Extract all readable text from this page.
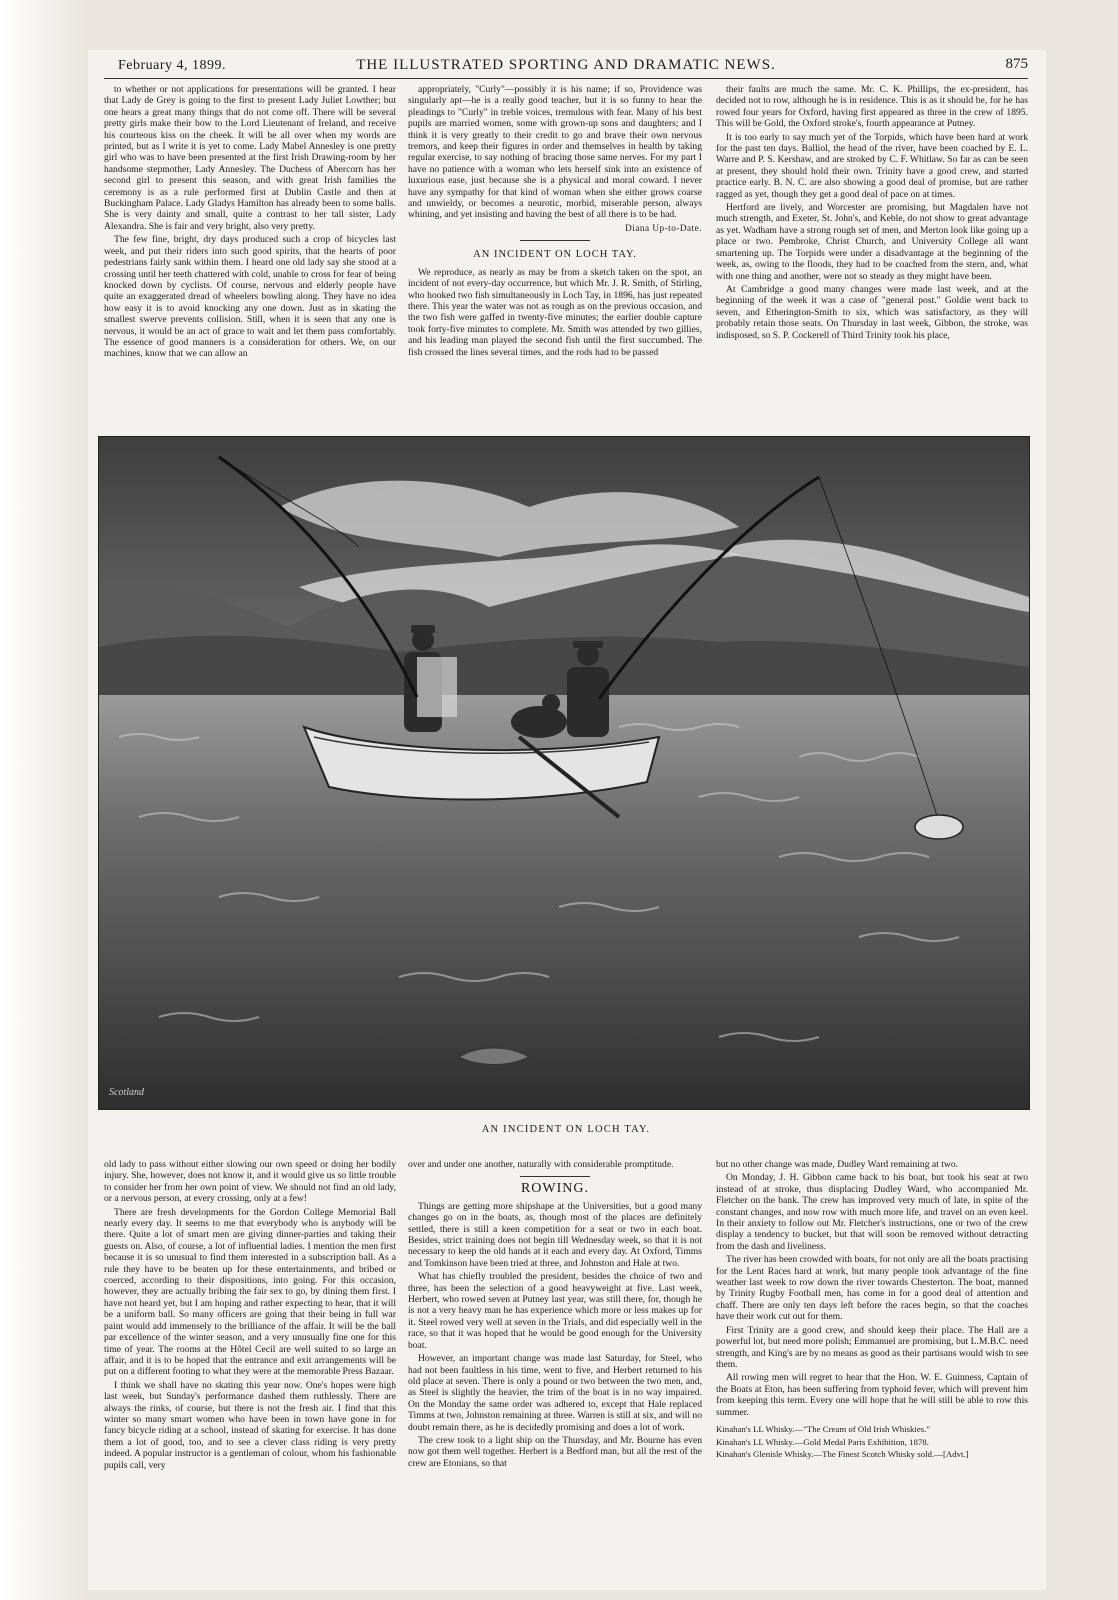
February 4, 1899.	THE ILLUSTRATED SPORTING AND DRAMATIC NEWS.	875

to whether or not applications for presentations will be granted. I hear that Lady de Grey is going to the first to present Lady Juliet Lowther; but one hears a great many things that do not come off. There will be several pretty girls make their bow to the Lord Lieutenant of Ireland, and receive his courteous kiss on the cheek. It will be all over when my words are printed, but as I write it is yet to come. Lady Mabel Annesley is one pretty girl who was to have been presented at the first Irish Drawing-room by her handsome stepmother, Lady Annesley. The Duchess of Abercorn has her second girl to present this season, and with great Irish families the ceremony is as a rule performed first at Dublin Castle and then at Buckingham Palace. Lady Gladys Hamilton has already been to some balls. She is very dainty and small, quite a contrast to her tall sister, Lady Alexandra. She is fair and very bright, also very pretty.

The few fine, bright, dry days produced such a crop of bicycles last week, and put their riders into such good spirits, that the hearts of poor pedestrians fairly sank within them. I heard one old lady say she stood at a crossing until her teeth chattered with cold, unable to cross for fear of being knocked down by cyclists. Of course, nervous and elderly people have quite an exaggerated dread of wheelers bowling along. They have no idea how easy it is to avoid knocking any one down. Just as in skating the smallest swerve prevents collision. Still, when it is seen that any one is nervous, it would be an act of grace to wait and let them pass comfortably. The essence of good manners is a consideration for others. We, on our machines, know that we can allow an

appropriately, "Curly"—possibly it is his name; if so, Providence was singularly apt—he is a really good teacher, but it is so funny to hear the pleadings to "Curly" in treble voices, tremulous with fear. Many of his best pupils are married women, some with grown-up sons and daughters; and I think it is very greatly to their credit to go and brave their own nervous tremors, and keep their figures in order and themselves in health by taking regular exercise, to say nothing of bracing those same nerves. For my part I have no patience with a woman who lets herself sink into an existence of luxurious ease, just because she is a physical and moral coward. I never have any sympathy for that kind of woman when she either grows coarse and unwieldy, or becomes a neurotic, morbid, miserable person, always whining, and yet insisting and having the best of all there is to be had.

Diana Up-to-Date.
AN INCIDENT ON LOCH TAY.

We reproduce, as nearly as may be from a sketch taken on the spot, an incident of not every-day occurrence, but which Mr. J. R. Smith, of Stirling, who hooked two fish simultaneously in Loch Tay, in 1896, has just repeated there. This year the water was not as rough as on the previous occasion, and the two fish were gaffed in twenty-five minutes; the earlier double capture took forty-five minutes to complete. Mr. Smith was attended by two gillies, and his leading man played the second fish until the first succumbed. The fish crossed the lines several times, and the rods had to be passed

their faults are much the same. Mr. C. K. Phillips, the ex-president, has decided not to row, although he is in residence. This is as it should be, for he has rowed four years for Oxford, having first appeared as three in the crew of 1895. This will be Gold, the Oxford stroke's, fourth appearance at Putney.

It is too early to say much yet of the Torpids, which have been hard at work for the past ten days. Balliol, the head of the river, have been coached by E. L. Warre and P. S. Kershaw, and are stroked by C. F. Whitlaw. So far as can be seen at present, they should hold their own. Trinity have a good crew, and started practice early. B. N. C. are also showing a good deal of promise, but are rather ragged as yet, though they get a good deal of pace on at times.

Hertford are lively, and Worcester are promising, but Magdalen have not much strength, and Exeter, St. John's, and Keble, do not show to great advantage as yet. Wadham have a strong rough set of men, and Merton look like going up a place or two. Pembroke, Christ Church, and University College all want smartening up. The Torpids were under a disadvantage at the beginning of the week, as, owing to the floods, they had to be coached from the stern, and, what with one thing and another, were not so steady as they might have been.

At Cambridge a good many changes were made last week, and at the beginning of the week it was a case of "general post." Goldie went back to seven, and Etherington-Smith to six, which was satisfactory, as they will probably retain those seats. On Thursday in last week, Gibbon, the stroke, was indisposed, so S. P. Cockerell of Third Trinity took his place,

Scotland
AN INCIDENT ON LOCH TAY.

old lady to pass without either slowing our own speed or doing her bodily injury. She, however, does not know it, and it would give us so little trouble to consider her from her own point of view. We should not find an old lady, or a nervous person, at every crossing, only at a few!

There are fresh developments for the Gordon College Memorial Ball nearly every day. It seems to me that everybody who is anybody will be there. Quite a lot of smart men are giving dinner-parties and taking their guests on. Also, of course, a lot of influential ladies. I mention the men first because it is so unusual to find them interested in a subscription ball. As a rule they have to be beaten up for these entertainments, and bribed or coerced, according to their dispositions, into going. For this occasion, however, they are actually bribing the fair sex to go, by dining them first. I have not heard yet, but I am hoping and rather expecting to hear, that it will be a uniform ball. So many officers are going that their being in full war paint would add immensely to the brilliance of the affair. It will be the ball par excellence of the winter season, and a very unusually fine one for this time of year. The rooms at the Hôtel Cecil are well suited to so large an affair, and it is to be hoped that the entrance and exit arrangements will be put on a different footing to what they were at the memorable Press Bazaar.

I think we shall have no skating this year now. One's hopes were high last week, but Sunday's performance dashed them ruthlessly. There are always the rinks, of course, but there is not the fresh air. I find that this winter so many smart women who have been in town have gone in for fancy bicycle riding at a school, instead of skating for exercise. It has done them a lot of good, too, and to see a clever class riding is very pretty indeed. A popular instructor is a gentleman of colour, whom his fashionable pupils call, very

over and under one another, naturally with considerable promptitude.

ROWING.

Things are getting more shipshape at the Universities, but a good many changes go on in the boats, as, though most of the places are definitely settled, there is still a keen competition for a seat or two in each boat. Besides, strict training does not begin till Wednesday week, so that it is not necessary to keep the old hands at it each and every day. At Oxford, Timms and Tomkinson have been tried at three, and Johnston and Hale at two.

What has chiefly troubled the president, besides the choice of two and three, has been the selection of a good heavyweight at five. Last week, Herbert, who rowed seven at Putney last year, was still there, for, though he is not a very heavy man he has experience which more or less makes up for it. Steel rowed very well at seven in the Trials, and did especially well in the race, so that it was hoped that he would be good enough for the University boat.

However, an important change was made last Saturday, for Steel, who had not been faultless in his time, went to five, and Herbert returned to his old place at seven. There is only a pound or two between the two men, and, as Steel is slightly the heavier, the trim of the boat is in no way impaired. On the Monday the same order was adhered to, except that Hale replaced Timms at two, Johnston remaining at three. Warren is still at six, and will no doubt remain there, as he is decidedly promising and does a lot of work.

The crew took to a light ship on the Thursday, and Mr. Bourne has even now got them well together. Herbert is a Bedford man, but all the rest of the crew are Etonians, so that

but no other change was made, Dudley Ward remaining at two.

On Monday, J. H. Gibbon came back to his boat, but took his seat at two instead of at stroke, thus displacing Dudley Ward, who accompanied Mr. Fletcher on the bank. The crew has improved very much of late, in spite of the constant changes, and now row with much more life, and travel on an even keel. In their anxiety to follow out Mr. Fletcher's instructions, one or two of the crew display a tendency to bucket, but that will soon be removed without detracting from the dash and liveliness.

The river has been crowded with boats, for not only are all the boats practising for the Lent Races hard at work, but many people took advantage of the fine weather last week to row down the river towards Chesterton. The boat, manned by Trinity Rugby Football men, has come in for a good deal of attention and chaff. There are only ten days left before the races begin, so that the coaches have their work cut out for them.

First Trinity are a good crew, and should keep their place. The Hall are a powerful lot, but need more polish; Emmanuel are promising, but L.M.B.C. need strength, and King's are by no means as good as their partisans would wish to see them.

All rowing men will regret to hear that the Hon. W. E. Guinness, Captain of the Boats at Eton, has been suffering from typhoid fever, which will prevent him from keeping this term. Every one will hope that he will still be able to row this summer.

Kinahan's LL Whisky.—"The Cream of Old Irish Whiskies."

Kinahan's LL Whisky.—Gold Medal Paris Exhibition, 1878.

Kinahan's Glenisle Whisky.—The Finest Scotch Whisky sold.—[Advt.]
